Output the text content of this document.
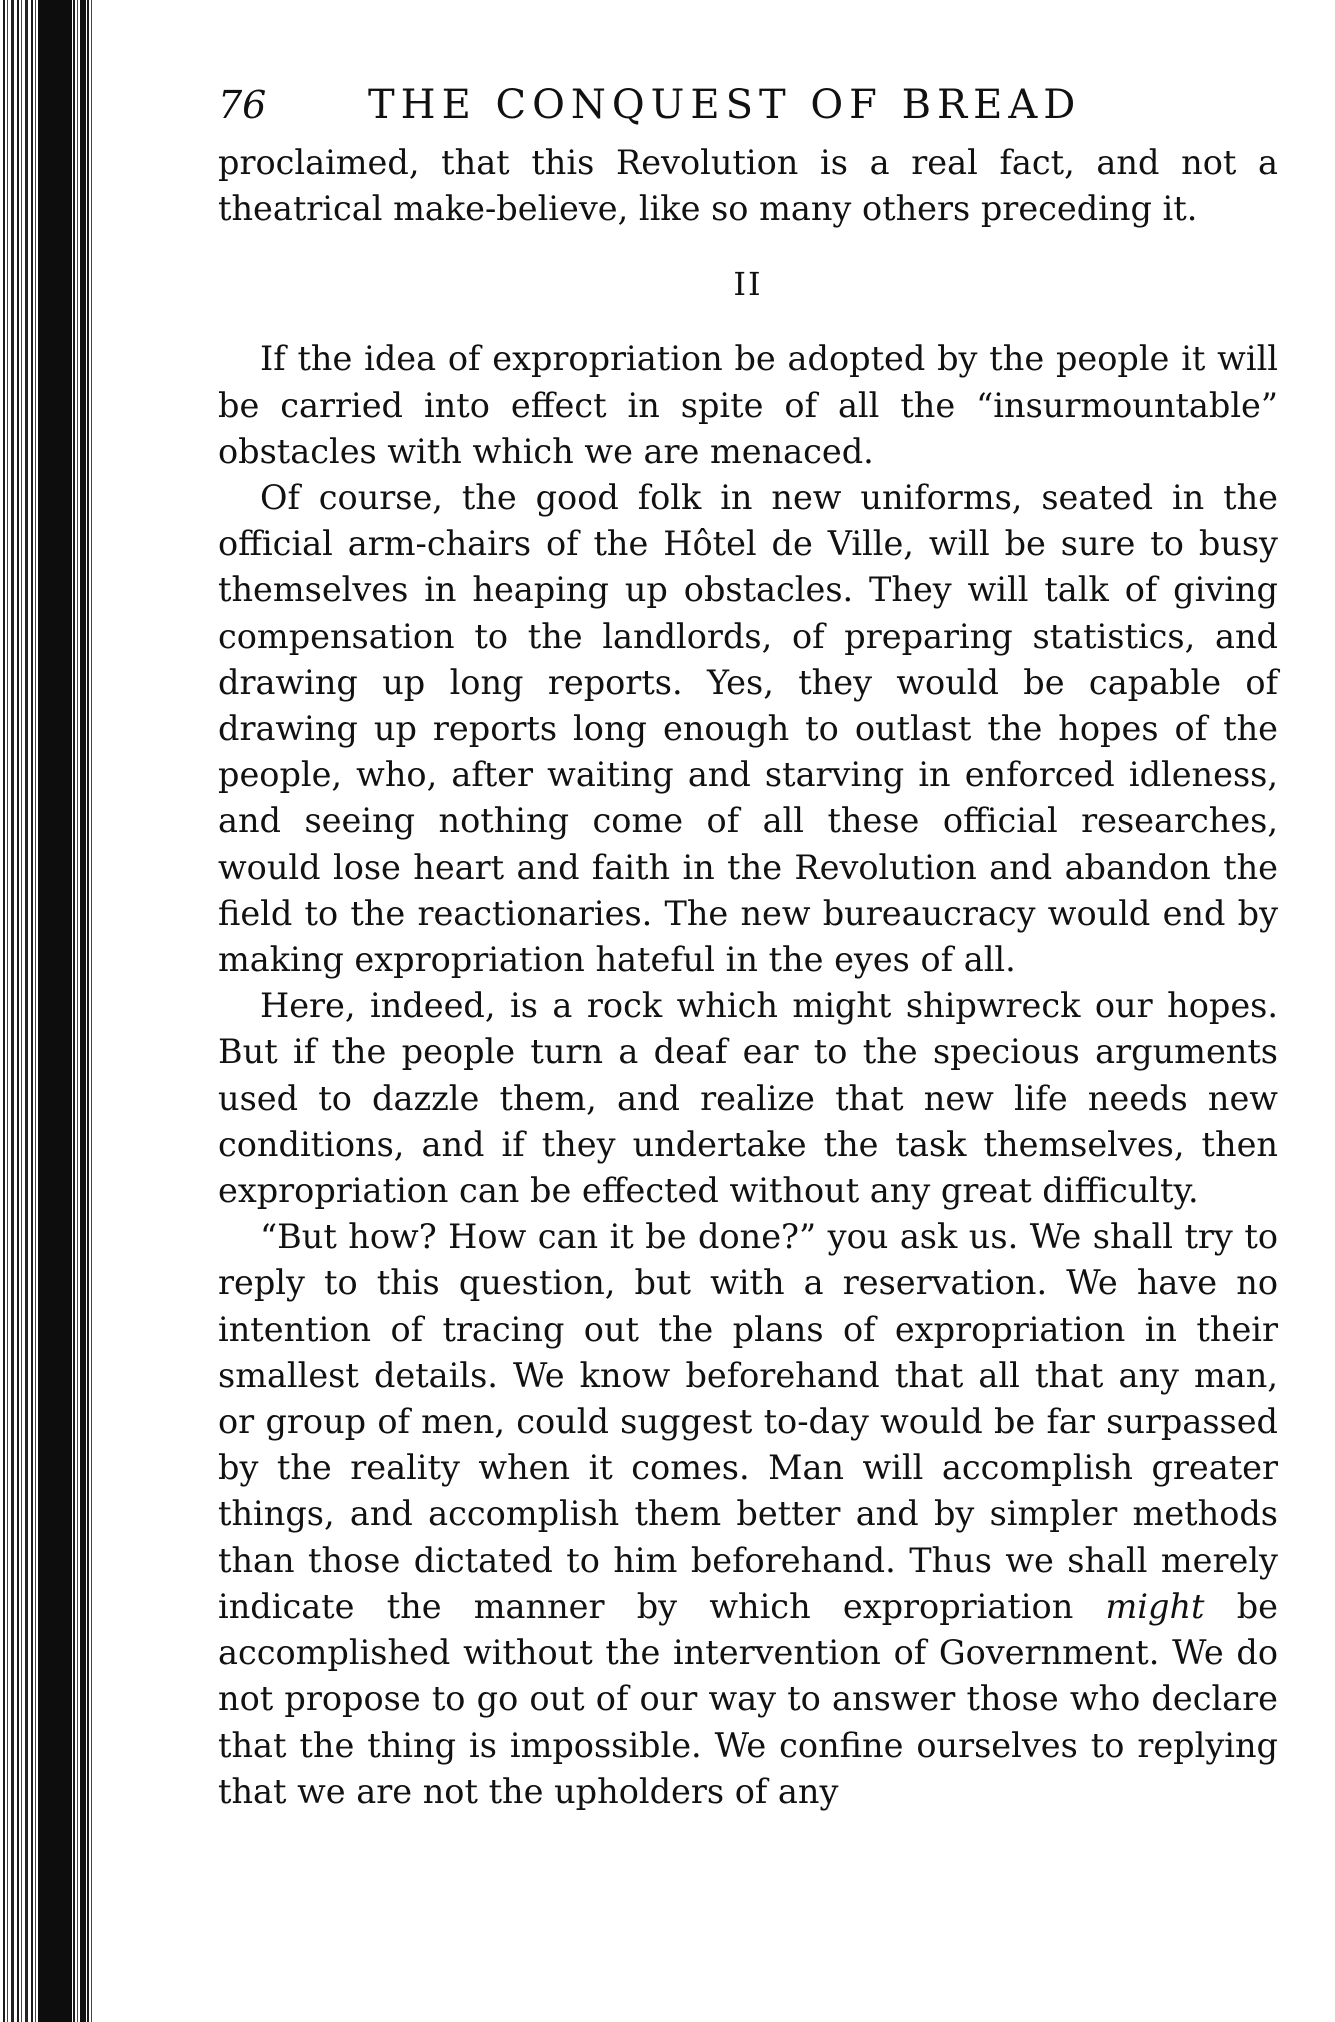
76	THE CONQUEST OF BREAD

proclaimed, that this Revolution is a real fact, and not a theatrical make-believe, like so many others preceding it.

II

If the idea of expropriation be adopted by the people it will be carried into effect in spite of all the “insurmountable” obstacles with which we are menaced.

Of course, the good folk in new uniforms, seated in the official arm-chairs of the Hôtel de Ville, will be sure to busy themselves in heaping up obstacles. They will talk of giving compensation to the landlords, of preparing statistics, and drawing up long reports. Yes, they would be capable of drawing up reports long enough to outlast the hopes of the people, who, after waiting and starving in enforced idleness, and seeing nothing come of all these official researches, would lose heart and faith in the Revolution and abandon the field to the reactionaries. The new bureaucracy would end by making expropriation hateful in the eyes of all.

Here, indeed, is a rock which might shipwreck our hopes. But if the people turn a deaf ear to the specious arguments used to dazzle them, and realize that new life needs new conditions, and if they undertake the task themselves, then expropriation can be effected without any great difficulty.

“But how? How can it be done?” you ask us. We shall try to reply to this question, but with a reservation. We have no intention of tracing out the plans of expropriation in their smallest details. We know beforehand that all that any man, or group of men, could suggest to-day would be far surpassed by the reality when it comes. Man will accomplish greater things, and accomplish them better and by simpler methods than those dictated to him beforehand. Thus we shall merely indicate the manner by which expropriation might be accomplished without the intervention of Government. We do not propose to go out of our way to answer those who declare that the thing is impossible. We confine ourselves to replying that we are not the upholders of any
